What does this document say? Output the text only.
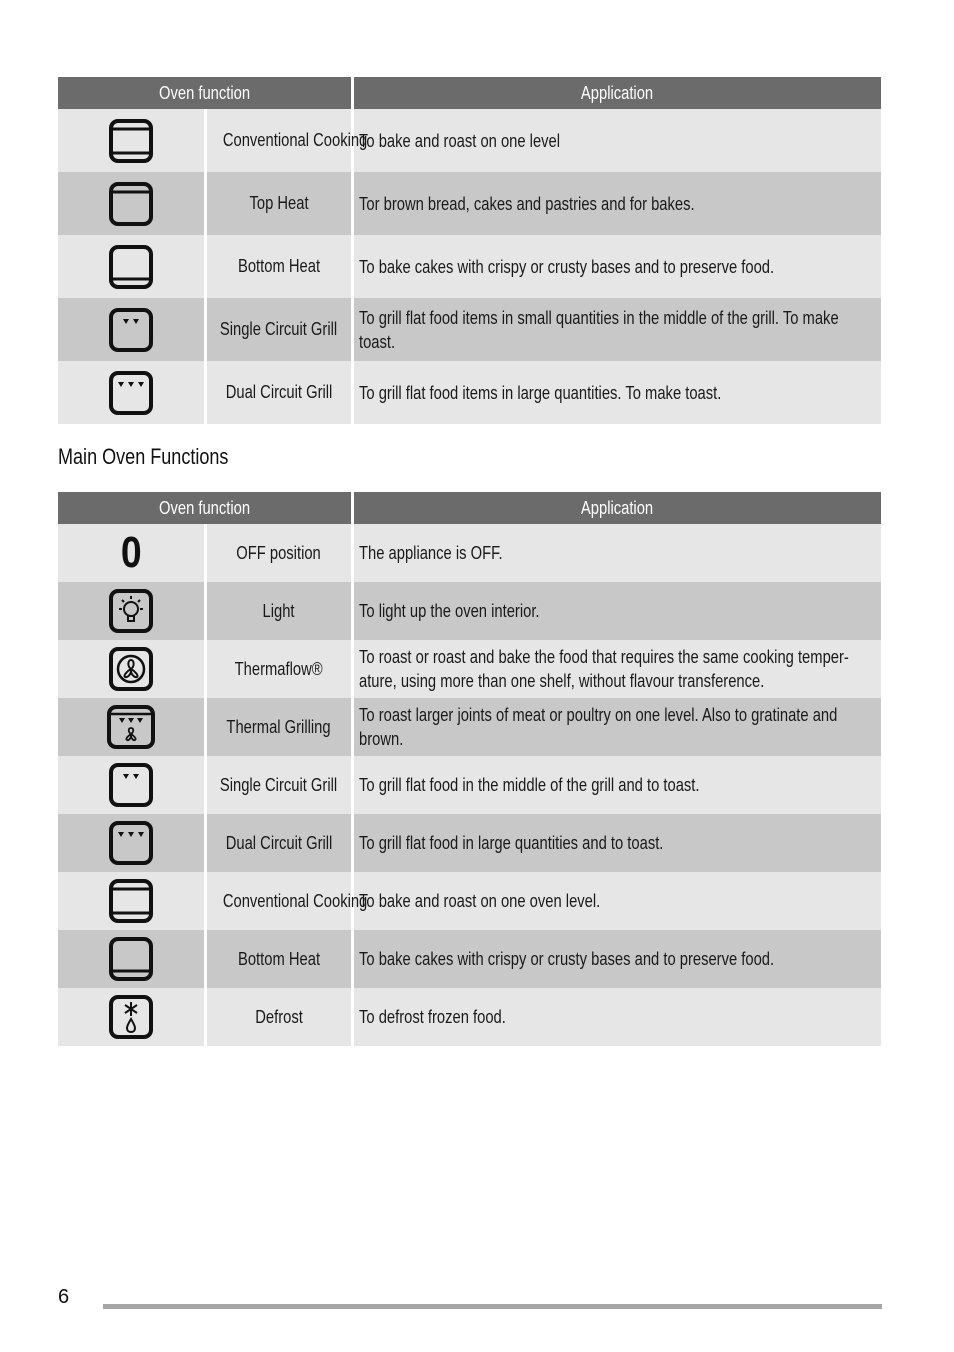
Oven function		Application

	Conventional Cooking	To bake and roast on one level

	Top Heat	Tor brown bread, cakes and pastries and for bakes.

	Bottom Heat	To bake cakes with crispy or crusty bases and to preserve food.

	Single Circuit Grill	To grill flat food items in small quantities in the middle of the grill. To make toast.

	Dual Circuit Grill	To grill flat food items in large quantities. To make toast.
Main Oven Functions
Oven function		Application
0	OFF position	The appliance is OFF.

	Light	To light up the oven interior.

	Thermaflow®	To roast or roast and bake the food that requires the same cooking temper-ature, using more than one shelf, without flavour transference.

	Thermal Grilling	To roast larger joints of meat or poultry on one level. Also to gratinate and brown.

	Single Circuit Grill	To grill flat food in the middle of the grill and to toast.

	Dual Circuit Grill	To grill flat food in large quantities and to toast.

	Conventional Cooking	To bake and roast on one oven level.

	Bottom Heat	To bake cakes with crispy or crusty bases and to preserve food.

	Defrost	To defrost frozen food.
6
